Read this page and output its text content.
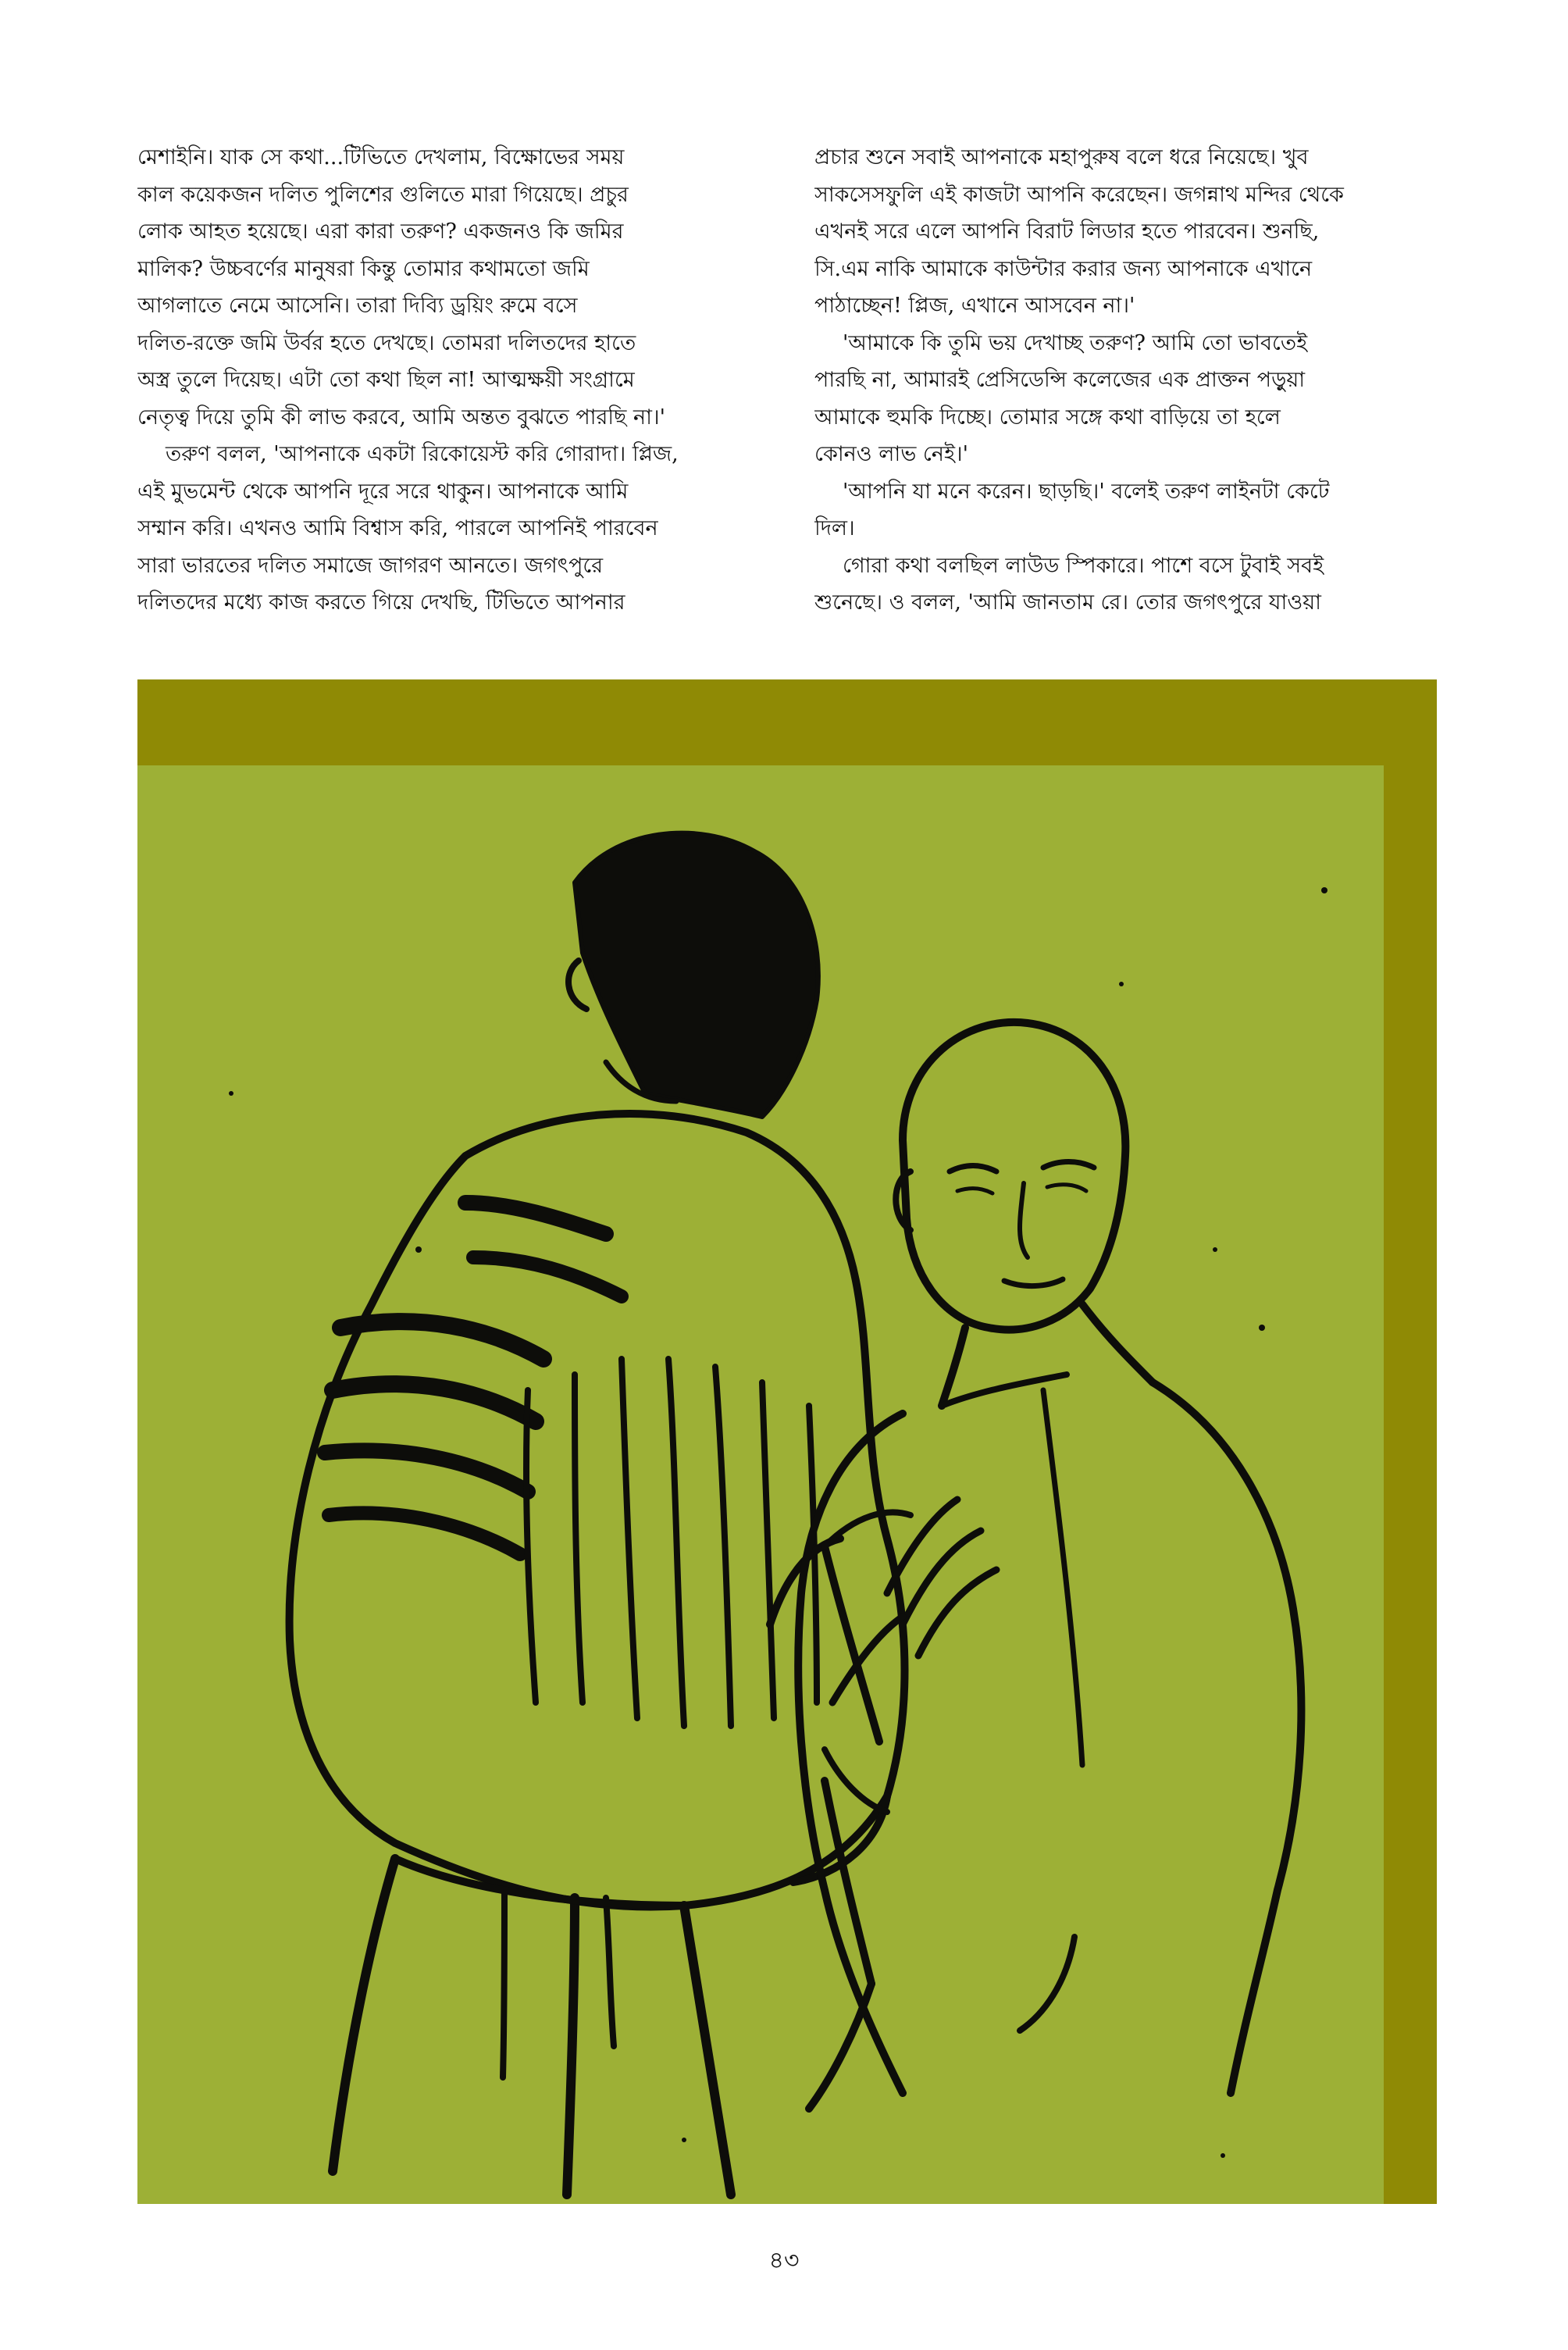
মেশাইনি। যাক সে কথা...টিভিতে দেখলাম, বিক্ষোভের সময়
কাল কয়েকজন দলিত পুলিশের গুলিতে মারা গিয়েছে। প্রচুর
লোক আহত হয়েছে। এরা কারা তরুণ? একজনও কি জমির
মালিক? উচ্চবর্ণের মানুষরা কিন্তু তোমার কথামতো জমি
আগলাতে নেমে আসেনি। তারা দিব্যি ড্রয়িং রুমে বসে
দলিত-রক্তে জমি উর্বর হতে দেখছে। তোমরা দলিতদের হাতে
অস্ত্র তুলে দিয়েছ। এটা তো কথা ছিল না! আত্মক্ষয়ী সংগ্রামে
নেতৃত্ব দিয়ে তুমি কী লাভ করবে, আমি অন্তত বুঝতে পারছি না।'
তরুণ বলল, 'আপনাকে একটা রিকোয়েস্ট করি গোরাদা। প্লিজ,
এই মুভমেন্ট থেকে আপনি দূরে সরে থাকুন। আপনাকে আমি
সম্মান করি। এখনও আমি বিশ্বাস করি, পারলে আপনিই পারবেন
সারা ভারতের দলিত সমাজে জাগরণ আনতে। জগৎপুরে
দলিতদের মধ্যে কাজ করতে গিয়ে দেখছি, টিভিতে আপনার
প্রচার শুনে সবাই আপনাকে মহাপুরুষ বলে ধরে নিয়েছে। খুব
সাকসেসফুলি এই কাজটা আপনি করেছেন। জগন্নাথ মন্দির থেকে
এখনই সরে এলে আপনি বিরাট লিডার হতে পারবেন। শুনছি,
সি.এম নাকি আমাকে কাউন্টার করার জন্য আপনাকে এখানে
পাঠাচ্ছেন! প্লিজ, এখানে আসবেন না।'
'আমাকে কি তুমি ভয় দেখাচ্ছ তরুণ? আমি তো ভাবতেই
পারছি না, আমারই প্রেসিডেন্সি কলেজের এক প্রাক্তন পড়ুয়া
আমাকে হুমকি দিচ্ছে। তোমার সঙ্গে কথা বাড়িয়ে তা হলে
কোনও লাভ নেই।'
'আপনি যা মনে করেন। ছাড়ছি।' বলেই তরুণ লাইনটা কেটে
দিল।
গোরা কথা বলছিল লাউড স্পিকারে। পাশে বসে টুবাই সবই
শুনেছে। ও বলল, 'আমি জানতাম রে। তোর জগৎপুরে যাওয়া
৪৩
